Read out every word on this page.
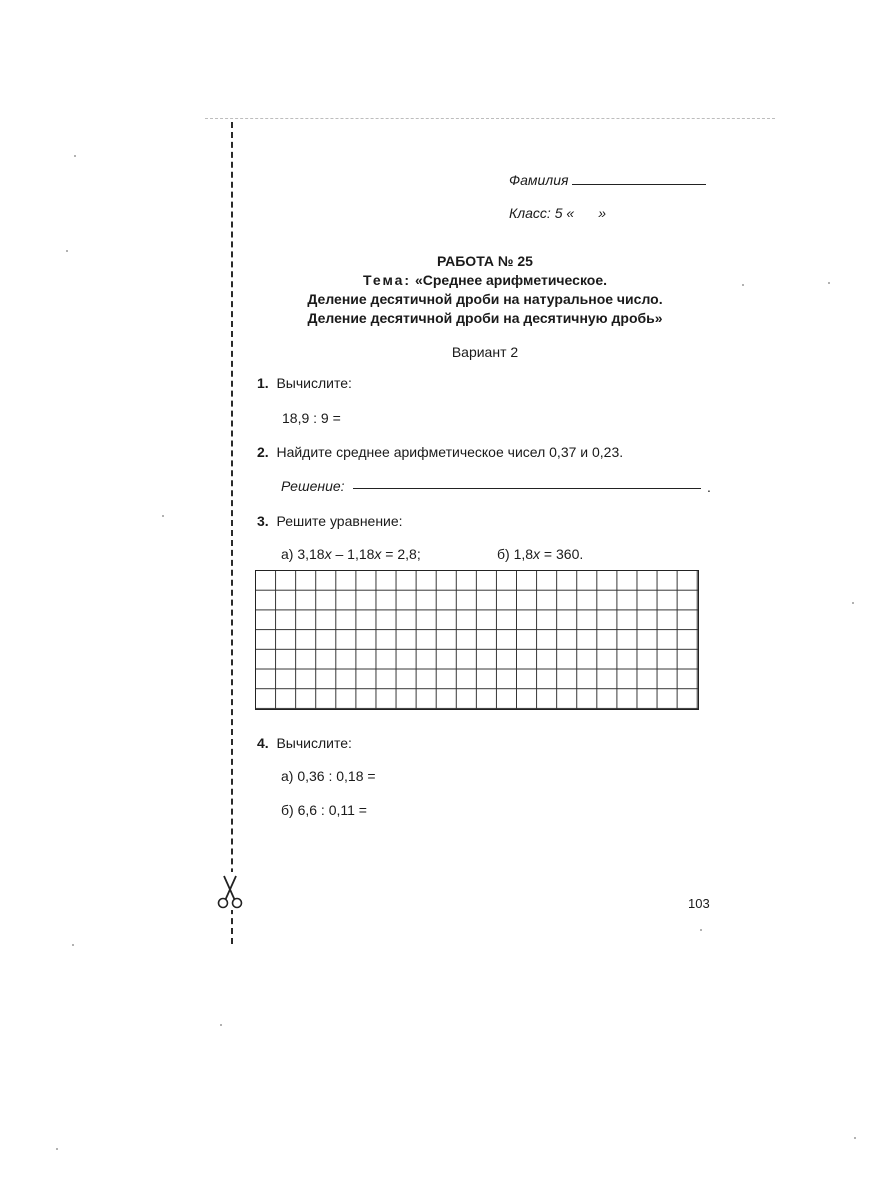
Фамилия
Класс: 5 « »
РАБОТА № 25
Тема: «Среднее арифметическое.
Деление десятичной дроби на натуральное число.
Деление десятичной дроби на десятичную дробь»
Вариант 2
1. Вычислите:
18,9 : 9 =
2. Найдите среднее арифметическое чисел 0,37 и 0,23.
Решение:	.
3. Решите уравнение:
а) 3,18x – 1,18x = 2,8;	б) 1,8x = 360.
4. Вычислите:
а) 0,36 : 0,18 =
б) 6,6 : 0,11 =
103
